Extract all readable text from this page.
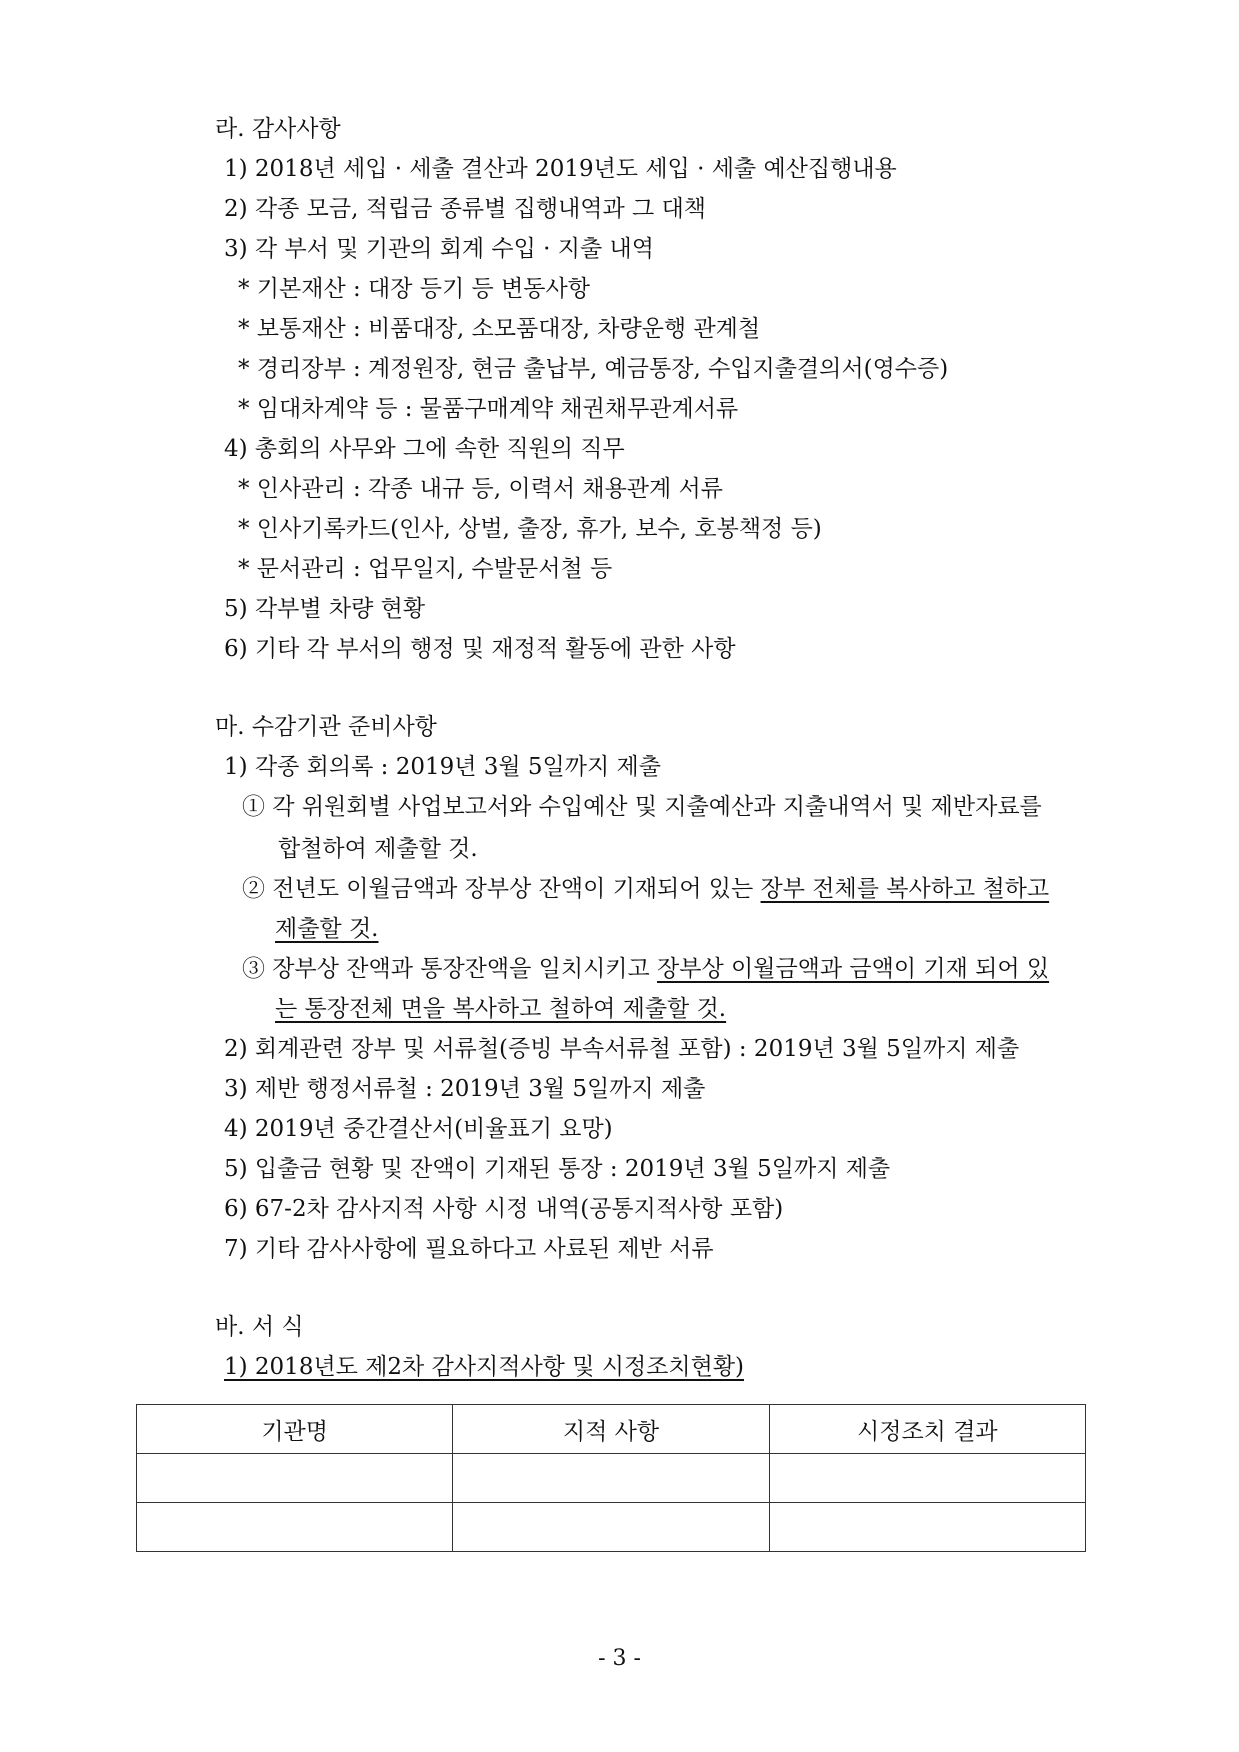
라. 감사사항
1) 2018년 세입 · 세출 결산과 2019년도 세입 · 세출 예산집행내용
2) 각종 모금, 적립금 종류별 집행내역과 그 대책
3) 각 부서 및 기관의 회계 수입 · 지출 내역
* 기본재산 : 대장 등기 등 변동사항
* 보통재산 : 비품대장, 소모품대장, 차량운행 관계철
* 경리장부 : 계정원장, 현금 출납부, 예금통장, 수입지출결의서(영수증)
* 임대차계약 등 : 물품구매계약 채권채무관계서류
4) 총회의 사무와 그에 속한 직원의 직무
* 인사관리 : 각종 내규 등, 이력서 채용관계 서류
* 인사기록카드(인사, 상벌, 출장, 휴가, 보수, 호봉책정 등)
* 문서관리 : 업무일지, 수발문서철 등
5) 각부별 차량 현황
6) 기타 각 부서의 행정 및 재정적 활동에 관한 사항
마. 수감기관 준비사항
1) 각종 회의록 : 2019년 3월 5일까지 제출
① 각 위원회별 사업보고서와 수입예산 및 지출예산과 지출내역서 및 제반자료를
합철하여 제출할 것.
② 전년도 이월금액과 장부상 잔액이 기재되어 있는 장부 전체를 복사하고 철하고
제출할 것.
③ 장부상 잔액과 통장잔액을 일치시키고 장부상 이월금액과 금액이 기재 되어 있
는 통장전체 면을 복사하고 철하여 제출할 것.
2) 회계관련 장부 및 서류철(증빙 부속서류철 포함) : 2019년 3월 5일까지 제출
3) 제반 행정서류철 : 2019년 3월 5일까지 제출
4) 2019년 중간결산서(비율표기 요망)
5) 입출금 현황 및 잔액이 기재된 통장 : 2019년 3월 5일까지 제출
6) 67-2차 감사지적 사항 시정 내역(공통지적사항 포함)
7) 기타 감사사항에 필요하다고 사료된 제반 서류
바. 서 식
1) 2018년도 제2차 감사지적사항 및 시정조치현황)
기관명	지적 사항	시정조치 결과

- 3 -
